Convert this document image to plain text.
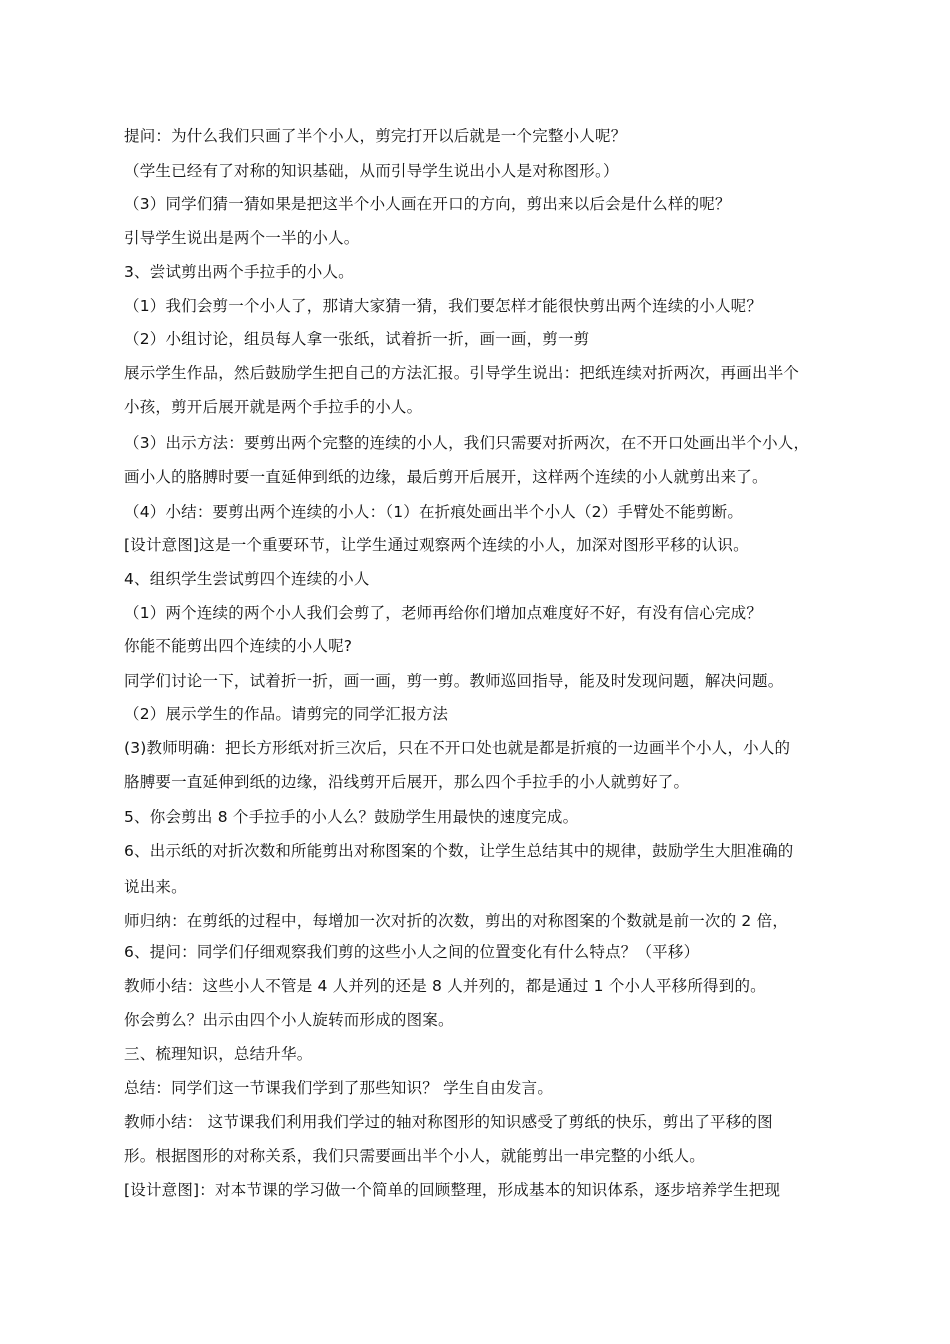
提问：为什么我们只画了半个小人，剪完打开以后就是一个完整小人呢？
（学生已经有了对称的知识基础，从而引导学生说出小人是对称图形。）
（3）同学们猜一猜如果是把这半个小人画在开口的方向，剪出来以后会是什么样的呢？
引导学生说出是两个一半的小人。
3、尝试剪出两个手拉手的小人。
（1）我们会剪一个小人了，那请大家猜一猜，我们要怎样才能很快剪出两个连续的小人呢？
（2）小组讨论，组员每人拿一张纸，试着折一折，画一画，剪一剪
展示学生作品，然后鼓励学生把自己的方法汇报。引导学生说出：把纸连续对折两次，再画出半个
小孩，剪开后展开就是两个手拉手的小人。
（3）出示方法：要剪出两个完整的连续的小人，我们只需要对折两次，在不开口处画出半个小人，
画小人的胳膊时要一直延伸到纸的边缘，最后剪开后展开，这样两个连续的小人就剪出来了。
（4）小结：要剪出两个连续的小人：（1）在折痕处画出半个小人（2）手臂处不能剪断。
[设计意图]这是一个重要环节，让学生通过观察两个连续的小人，加深对图形平移的认识。
4、组织学生尝试剪四个连续的小人
（1）两个连续的两个小人我们会剪了，老师再给你们增加点难度好不好，有没有信心完成？
你能不能剪出四个连续的小人呢?
同学们讨论一下，试着折一折，画一画，剪一剪。教师巡回指导，能及时发现问题，解决问题。
（2）展示学生的作品。请剪完的同学汇报方法
(3)教师明确：把长方形纸对折三次后，只在不开口处也就是都是折痕的一边画半个小人，小人的
胳膊要一直延伸到纸的边缘，沿线剪开后展开，那么四个手拉手的小人就剪好了。
5、你会剪出 8 个手拉手的小人么？鼓励学生用最快的速度完成。
6、出示纸的对折次数和所能剪出对称图案的个数，让学生总结其中的规律，鼓励学生大胆准确的
说出来。
师归纳：在剪纸的过程中，每增加一次对折的次数，剪出的对称图案的个数就是前一次的 2 倍，
6、提问：同学们仔细观察我们剪的这些小人之间的位置变化有什么特点？（平移）
教师小结：这些小人不管是 4 人并列的还是 8 人并列的，都是通过 1 个小人平移所得到的。
你会剪么？出示由四个小人旋转而形成的图案。
三、梳理知识，总结升华。
总结：同学们这一节课我们学到了那些知识？ 学生自由发言。
教师小结： 这节课我们利用我们学过的轴对称图形的知识感受了剪纸的快乐，剪出了平移的图
形。根据图形的对称关系，我们只需要画出半个小人，就能剪出一串完整的小纸人。
[设计意图]：对本节课的学习做一个简单的回顾整理，形成基本的知识体系，逐步培养学生把现
